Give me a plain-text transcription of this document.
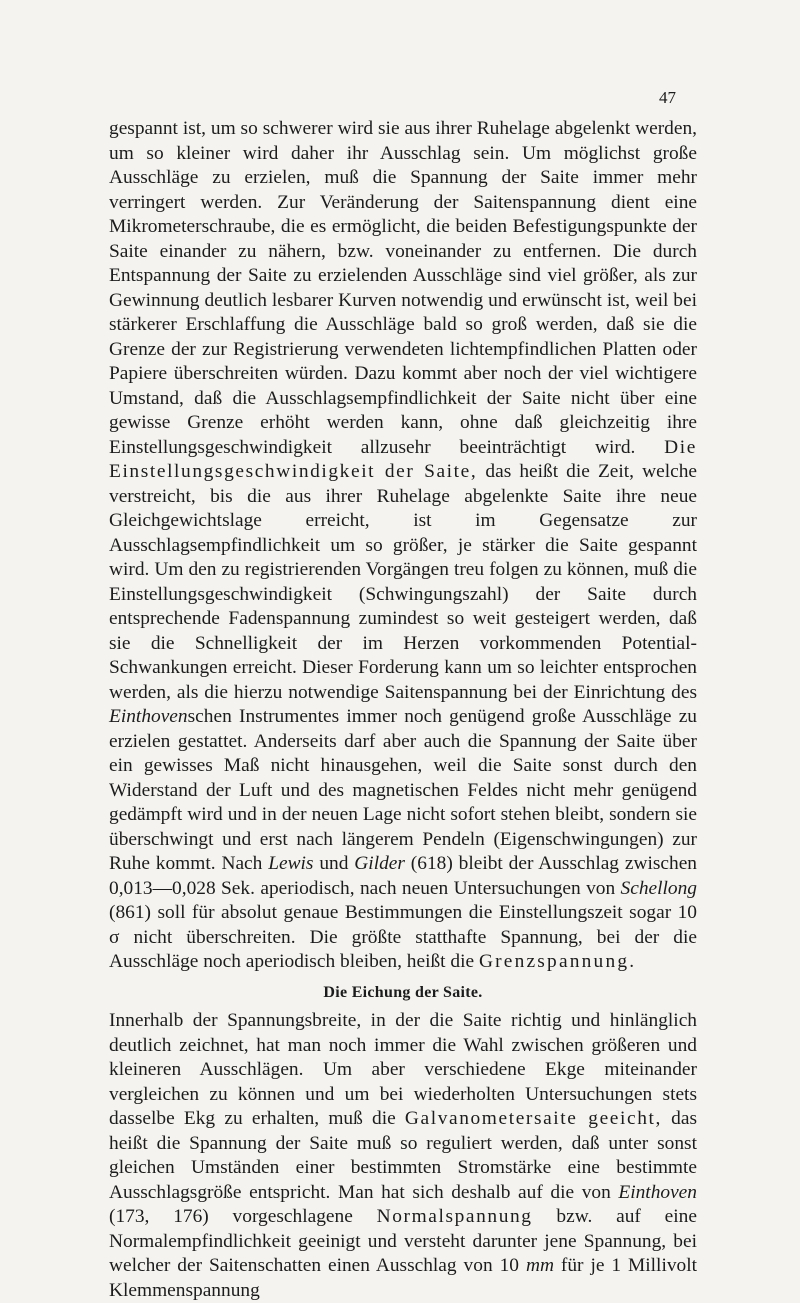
47

gespannt ist, um so schwerer wird sie aus ihrer Ruhelage abgelenkt werden, um so kleiner wird daher ihr Ausschlag sein. Um möglichst große Ausschläge zu erzielen, muß die Spannung der Saite immer mehr verringert werden. Zur Veränderung der Saitenspannung dient eine Mikrometerschraube, die es ermöglicht, die beiden Befestigungspunkte der Saite einander zu nähern, bzw. voneinander zu entfernen. Die durch Entspannung der Saite zu erzielenden Ausschläge sind viel größer, als zur Gewinnung deutlich lesbarer Kurven notwendig und erwünscht ist, weil bei stärkerer Erschlaffung die Ausschläge bald so groß werden, daß sie die Grenze der zur Registrierung verwendeten lichtempfindlichen Platten oder Papiere überschreiten würden. Dazu kommt aber noch der viel wichtigere Umstand, daß die Ausschlagsempfindlichkeit der Saite nicht über eine gewisse Grenze erhöht werden kann, ohne daß gleichzeitig ihre Einstellungsgeschwindigkeit allzusehr beeinträchtigt wird. Die Einstellungsgeschwindigkeit der Saite, das heißt die Zeit, welche verstreicht, bis die aus ihrer Ruhelage abgelenkte Saite ihre neue Gleichgewichtslage erreicht, ist im Gegensatze zur Ausschlagsempfindlichkeit um so größer, je stärker die Saite gespannt wird. Um den zu registrierenden Vorgängen treu folgen zu können, muß die Einstellungsgeschwindigkeit (Schwingungszahl) der Saite durch entsprechende Fadenspannung zumindest so weit gesteigert werden, daß sie die Schnelligkeit der im Herzen vorkommenden Potential-Schwankungen erreicht. Dieser Forderung kann um so leichter entsprochen werden, als die hierzu notwendige Saitenspannung bei der Einrichtung des Einthovenschen Instrumentes immer noch genügend große Ausschläge zu erzielen gestattet. Anderseits darf aber auch die Spannung der Saite über ein gewisses Maß nicht hinausgehen, weil die Saite sonst durch den Widerstand der Luft und des magnetischen Feldes nicht mehr genügend gedämpft wird und in der neuen Lage nicht sofort stehen bleibt, sondern sie überschwingt und erst nach längerem Pendeln (Eigenschwingungen) zur Ruhe kommt. Nach Lewis und Gilder (618) bleibt der Ausschlag zwischen 0,013—0,028 Sek. aperiodisch, nach neuen Untersuchungen von Schellong (861) soll für absolut genaue Bestimmungen die Einstellungszeit sogar 10 σ nicht überschreiten. Die größte statthafte Spannung, bei der die Ausschläge noch aperiodisch bleiben, heißt die Grenzspannung.

Die Eichung der Saite.

Innerhalb der Spannungsbreite, in der die Saite richtig und hinlänglich deutlich zeichnet, hat man noch immer die Wahl zwischen größeren und kleineren Ausschlägen. Um aber verschiedene Ekge miteinander vergleichen zu können und um bei wiederholten Untersuchungen stets dasselbe Ekg zu erhalten, muß die Galvanometersaite geeicht, das heißt die Spannung der Saite muß so reguliert werden, daß unter sonst gleichen Umständen einer bestimmten Stromstärke eine bestimmte Ausschlagsgröße entspricht. Man hat sich deshalb auf die von Einthoven (173, 176) vorgeschlagene Normalspannung bzw. auf eine Normalempfindlichkeit geeinigt und versteht darunter jene Spannung, bei welcher der Saitenschatten einen Ausschlag von 10 mm für je 1 Millivolt Klemmenspannung
